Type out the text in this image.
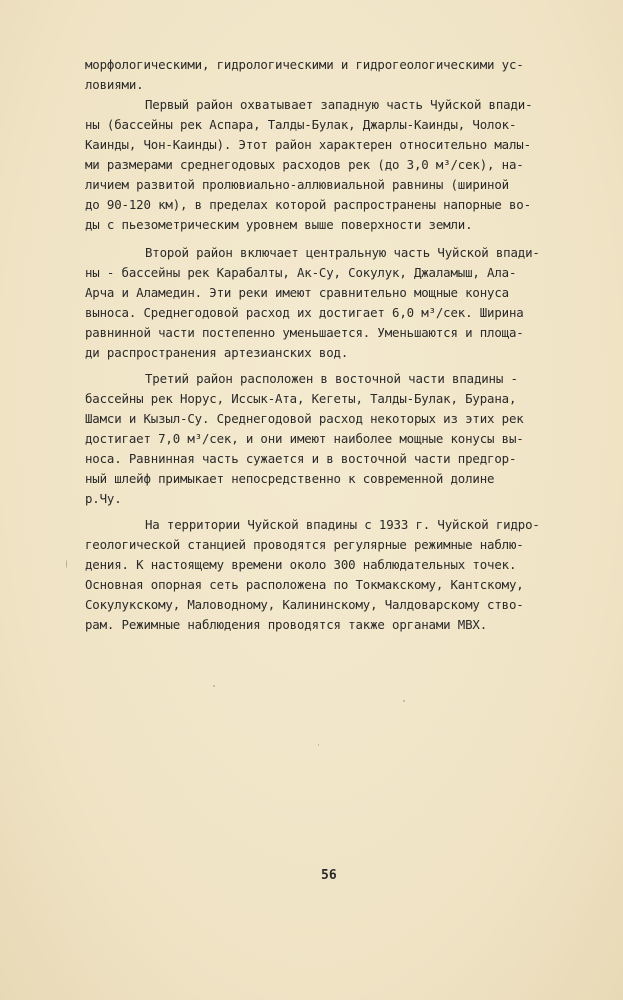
морфологическими, гидрологическими и гидрогеологическими ус-
ловиями.
Первый район охватывает западную часть Чуйской впади-
ны (бассейны рек Аспара, Талды-Булак, Джарлы-Каинды, Чолок-
Каинды, Чон-Каинды). Этот район характерен относительно малы-
ми размерами среднегодовых расходов рек (до 3,0 м³/сек), на-
личием развитой пролювиально-аллювиальной равнины (шириной
до 90-120 км), в пределах которой распространены напорные во-
ды с пьезометрическим уровнем выше поверхности земли.
Второй район включает центральную часть Чуйской впади-
ны - бассейны рек Карабалты, Ак-Су, Сокулук, Джаламыш, Ала-
Арча и Аламедин. Эти реки имеют сравнительно мощные конуса
выноса. Среднегодовой расход их достигает 6,0 м³/сек. Ширина
равнинной части постепенно уменьшается. Уменьшаются и площа-
ди распространения артезианских вод.
Третий район расположен в восточной части впадины -
бассейны рек Норус, Иссык-Ата, Кегеты, Талды-Булак, Бурана,
Шамси и Кызыл-Су. Среднегодовой расход некоторых из этих рек
достигает 7,0 м³/сек, и они имеют наиболее мощные конусы вы-
носа. Равнинная часть сужается и в восточной части предгор-
ный шлейф примыкает непосредственно к современной долине
р.Чу.
На территории Чуйской впадины с 1933 г. Чуйской гидро-
геологической станцией проводятся регулярные режимные наблю-
дения. К настоящему времени около 300 наблюдательных точек.
Основная опорная сеть расположена по Токмакскому, Кантскому,
Сокулукскому, Маловодному, Калининскому, Чалдоварскому ство-
рам. Режимные наблюдения проводятся также органами МВХ.
56
